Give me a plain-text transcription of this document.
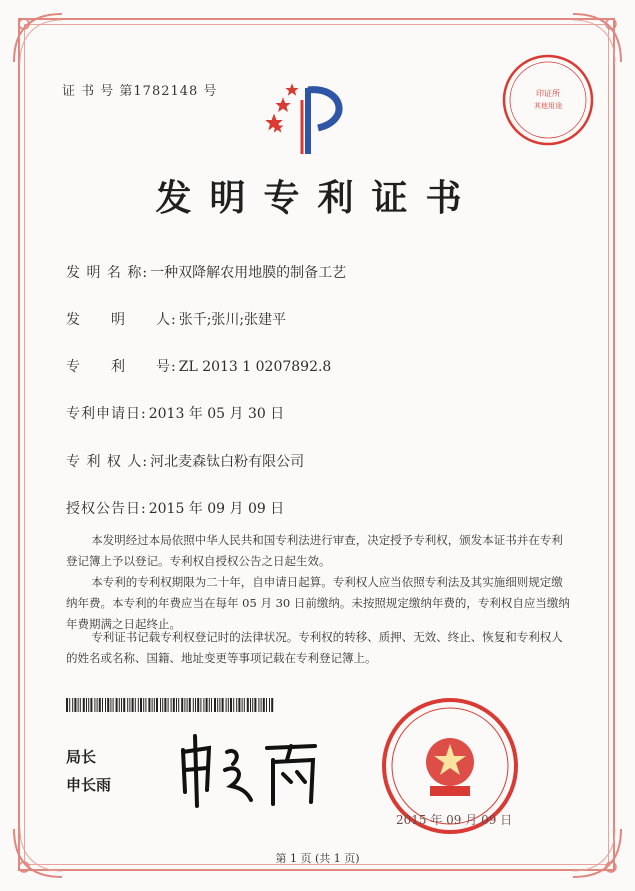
证 书 号 第1782148 号	印证所
其他用途
发明专利证书
发 明 名 称: 一种双降解农用地膜的制备工艺
发　　明　　人: 张千;张川;张建平
专　　利　　号: ZL 2013 1 0207892.8
专利申请日: 2013 年 05 月 30 日
专 利 权 人: 河北麦森钛白粉有限公司
授权公告日: 2015 年 09 月 09 日

本发明经过本局依照中华人民共和国专利法进行审查，决定授予专利权，颁发本证书并在专利登记簿上予以登记。专利权自授权公告之日起生效。

本专利的专利权期限为二十年，自申请日起算。专利权人应当依照专利法及其实施细则规定缴纳年费。本专利的年费应当在每年 05 月 30 日前缴纳。未按照规定缴纳年费的，专利权自应当缴纳年费期满之日起终止。

专利证书记载专利权登记时的法律状况。专利权的转移、质押、无效、终止、恢复和专利权人的姓名或名称、国籍、地址变更等事项记载在专利登记簿上。

局长
申长雨
2015 年 09 月 09 日
第 1 页 (共 1 页)
